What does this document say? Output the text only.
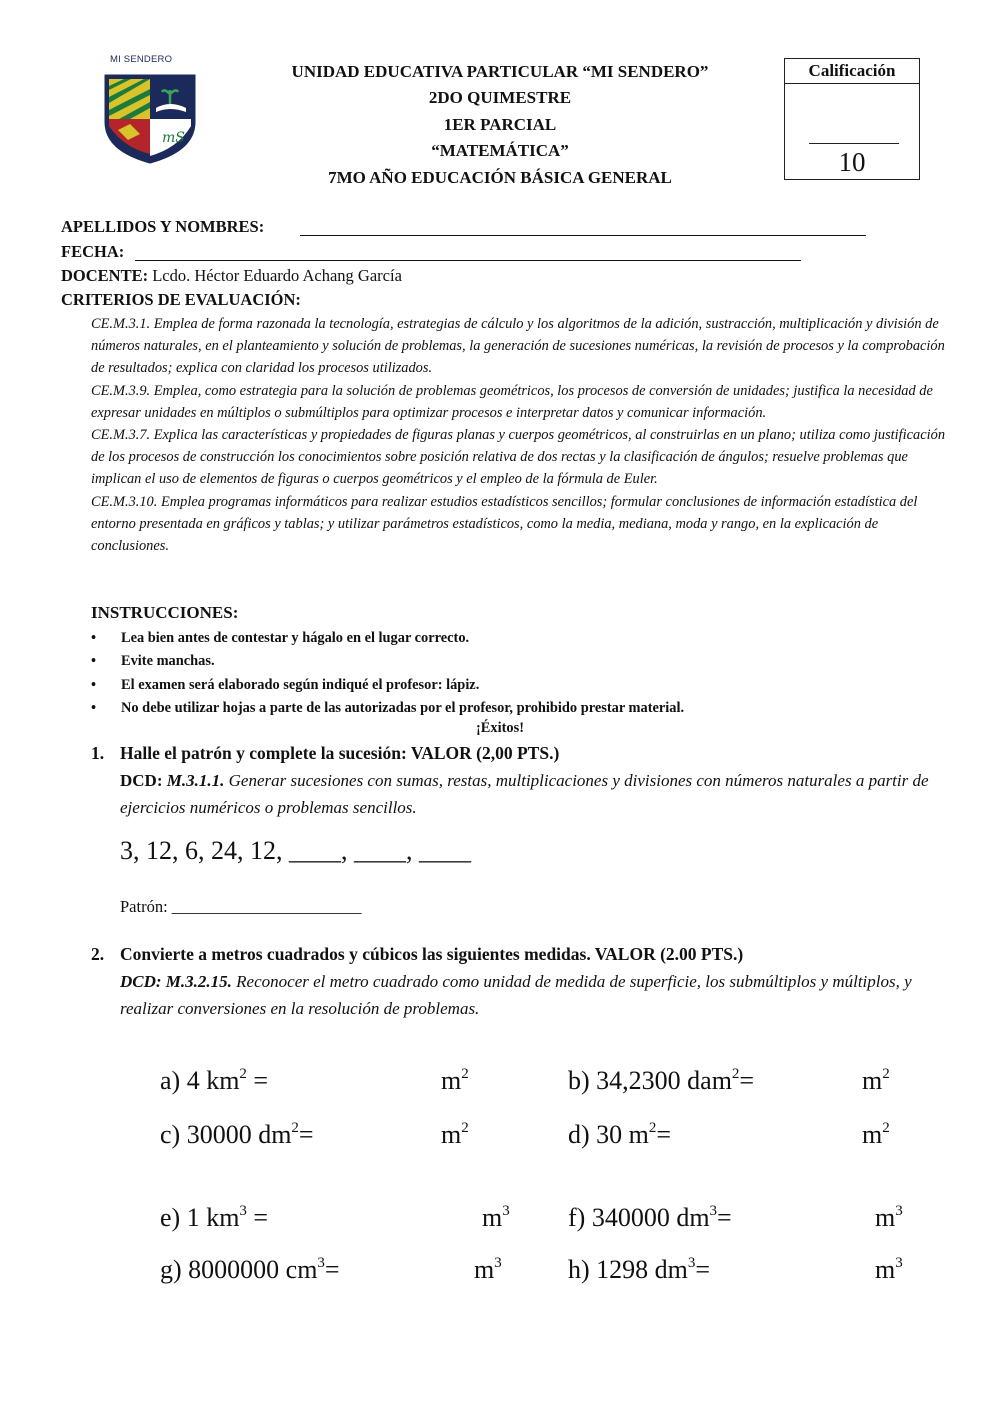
mS
MI SENDERO
UNIDAD EDUCATIVA PARTICULAR “MI SENDERO”
2DO QUIMESTRE
1ER PARCIAL
“MATEMÁTICA”
7MO AÑO EDUCACIÓN BÁSICA GENERAL
Calificación
10
APELLIDOS Y NOMBRES:
FECHA:
DOCENTE: Lcdo. Héctor Eduardo Achang García
CRITERIOS DE EVALUACIÓN:

CE.M.3.1. Emplea de forma razonada la tecnología, estrategias de cálculo y los algoritmos de la adición, sustracción, multiplicación y división de números naturales, en el planteamiento y solución de problemas, la generación de sucesiones numéricas, la revisión de procesos y la comprobación de resultados; explica con claridad los procesos utilizados.

CE.M.3.9. Emplea, como estrategia para la solución de problemas geométricos, los procesos de conversión de unidades; justifica la necesidad de expresar unidades en múltiplos o submúltiplos para optimizar procesos e interpretar datos y comunicar información.

CE.M.3.7. Explica las características y propiedades de figuras planas y cuerpos geométricos, al construirlas en un plano; utiliza como justificación de los procesos de construcción los conocimientos sobre posición relativa de dos rectas y la clasificación de ángulos; resuelve problemas que implican el uso de elementos de figuras o cuerpos geométricos y el empleo de la fórmula de Euler.

CE.M.3.10. Emplea programas informáticos para realizar estudios estadísticos sencillos; formular conclusiones de información estadística del entorno presentada en gráficos y tablas; y utilizar parámetros estadísticos, como la media, mediana, moda y rango, en la explicación de conclusiones.

INSTRUCCIONES:
• Lea bien antes de contestar y hágalo en el lugar correcto.
• Evite manchas.
• El examen será elaborado según indiqué el profesor: lápiz.
• No debe utilizar hojas a parte de las autorizadas por el profesor, prohibido prestar material.
¡Éxitos!
1. Halle el patrón y complete la sucesión: VALOR (2,00 PTS.)
DCD: M.3.1.1. Generar sucesiones con sumas, restas, multiplicaciones y divisiones con números naturales a partir de ejercicios numéricos o problemas sencillos.
3, 12, 6, 24, 12, ____, ____, ____
Patrón: _______________________
2. Convierte a metros cuadrados y cúbicos las siguientes medidas. VALOR (2.00 PTS.)
DCD: M.3.2.15. Reconocer el metro cuadrado como unidad de medida de superficie, los submúltiplos y múltiplos, y realizar conversiones en la resolución de problemas.
a) 4 $km^2$ =	$m^2$	b) 34,2300 dam$^2$=	$m^2$
c) 30000 $dm^2=$	$m^2$	d) 30 $m^2=$	$m^2$
e) 1 $km^3$ =	$m^3$ f) 340000 $dm^3=$	$m^3$
g) 8000000 $cm^3=$	$m^3$	h) 1298 $dm^3=$	$m^3$
